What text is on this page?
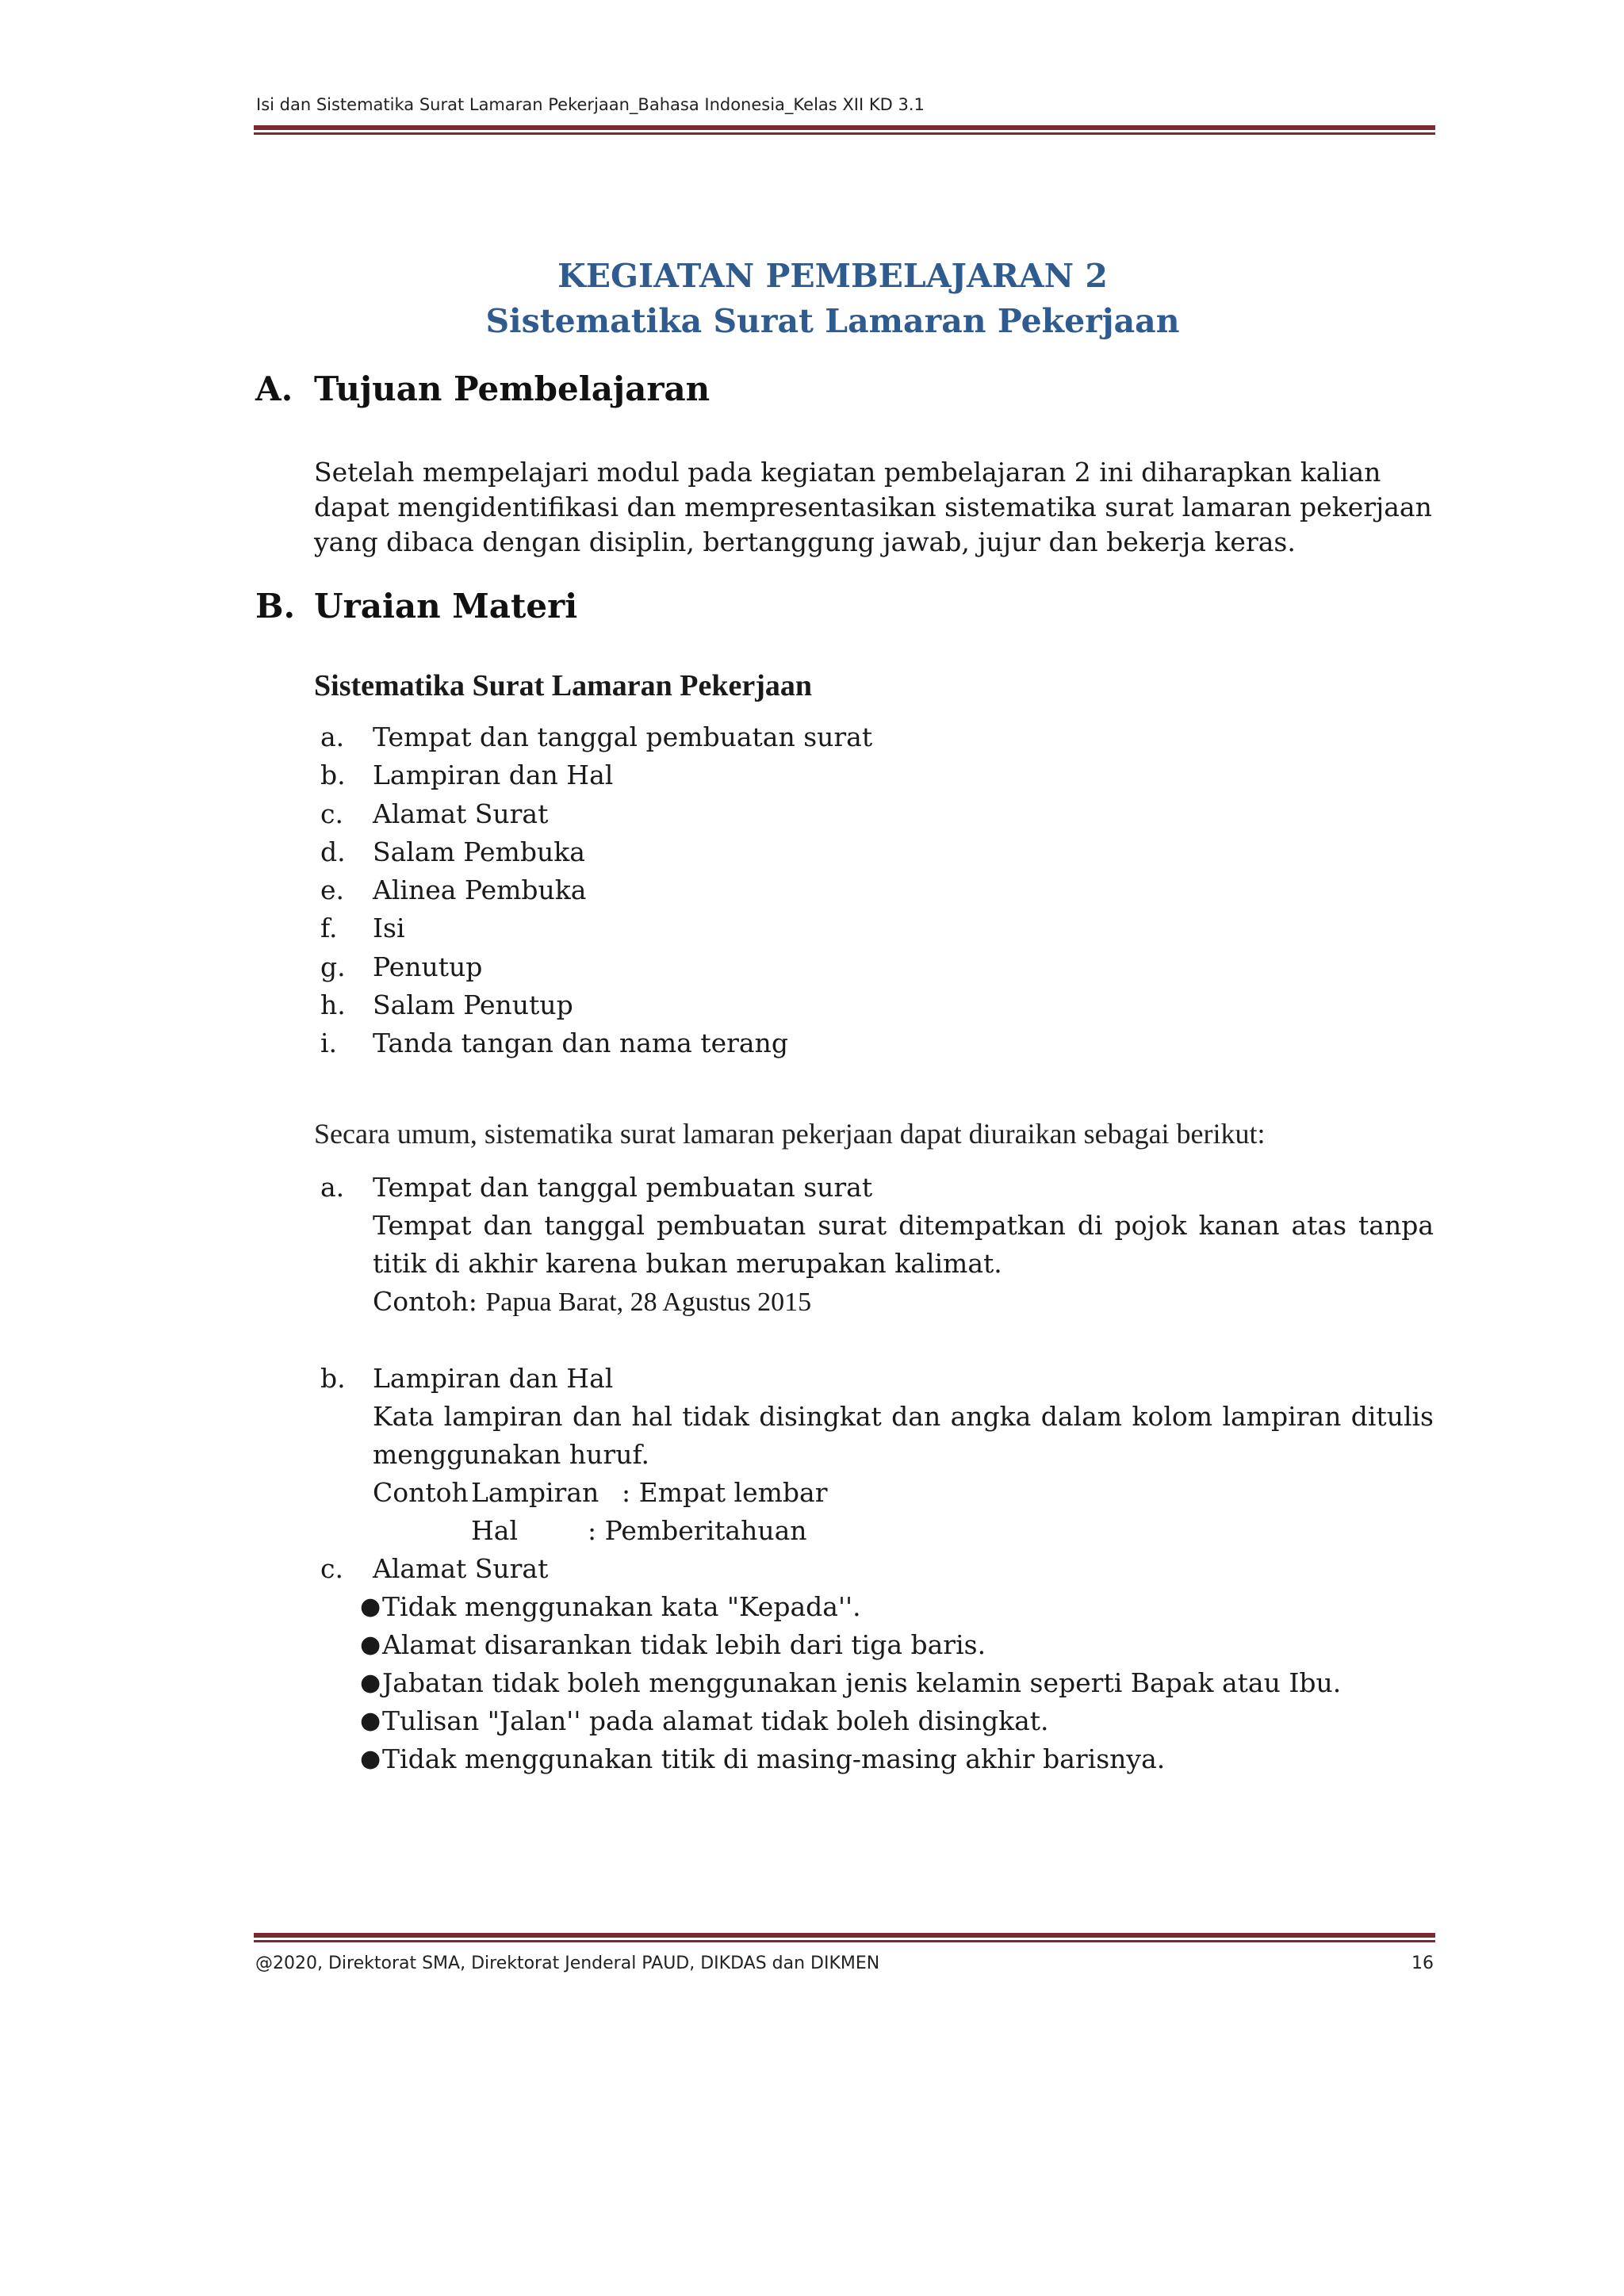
Isi dan Sistematika Surat Lamaran Pekerjaan_Bahasa Indonesia_Kelas XII KD 3.1
KEGIATAN PEMBELAJARAN 2
Sistematika Surat Lamaran Pekerjaan
A. Tujuan Pembelajaran
Setelah mempelajari modul pada kegiatan pembelajaran 2 ini diharapkan kalian dapat mengidentifikasi dan mempresentasikan sistematika surat lamaran pekerjaan yang dibaca dengan disiplin, bertanggung jawab, jujur dan bekerja keras.
B. Uraian Materi
Sistematika Surat Lamaran Pekerjaan
a.	Tempat dan tanggal pembuatan surat
b.	Lampiran dan Hal
c.	Alamat Surat
d.	Salam Pembuka
e.	Alinea Pembuka
f.	Isi
g.	Penutup
h.	Salam Penutup
i.	Tanda tangan dan nama terang
Secara umum, sistematika surat lamaran pekerjaan dapat diuraikan sebagai berikut:
a.	Tempat dan tanggal pembuatan surat
Tempat dan tanggal pembuatan surat ditempatkan di pojok kanan atas tanpa titik di akhir karena bukan merupakan kalimat.
Contoh: Papua Barat, 28 Agustus 2015
b.	Lampiran dan Hal
Kata lampiran dan hal tidak disingkat dan angka dalam kolom lampiran ditulis menggunakan huruf.
Contoh Lampiran : Empat lembar
Hal	: Pemberitahuan
c.	Alamat Surat
● Tidak menggunakan kata "Kepada''.
● Alamat disarankan tidak lebih dari tiga baris.
● Jabatan tidak boleh menggunakan jenis kelamin seperti Bapak atau Ibu.
● Tulisan "Jalan'' pada alamat tidak boleh disingkat.
● Tidak menggunakan titik di masing-masing akhir barisnya.
@2020, Direktorat SMA, Direktorat Jenderal PAUD, DIKDAS dan DIKMEN	16
